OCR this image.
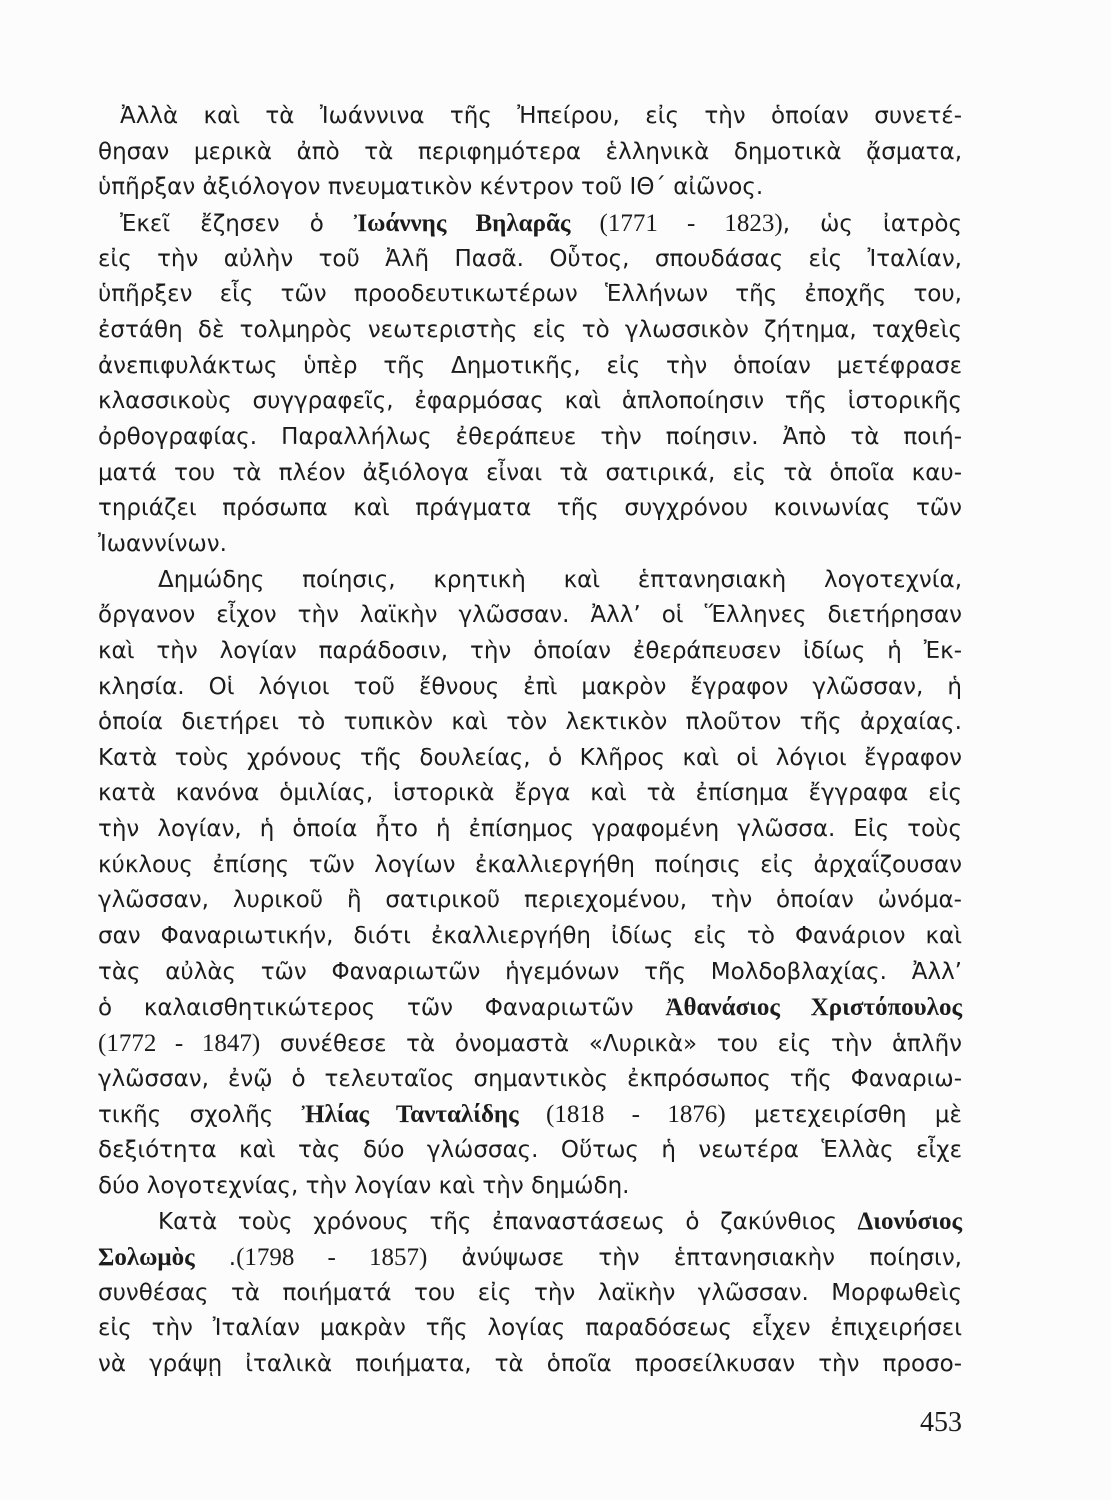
Ἀλλὰ καὶ τὰ Ἰωάννινα τῆς Ἠπείρου, εἰς τὴν ὁποίαν συνετέ-
θησαν μερικὰ ἀπὸ τὰ περιφημότερα ἑλληνικὰ δημοτικὰ ᾄσματα,
ὑπῆρξαν ἀξιόλογον πνευματικὸν κέντρον τοῦ ΙΘ΄ αἰῶνος.
Ἐκεῖ ἔζησεν ὁ Ἰωάννης Βηλαρᾶς (1771 - 1823), ὡς ἰατρὸς
εἰς τὴν αὐλὴν τοῦ Ἀλῆ Πασᾶ. Οὗτος, σπουδάσας εἰς Ἰταλίαν,
ὑπῆρξεν εἷς τῶν προοδευτικωτέρων Ἑλλήνων τῆς ἐποχῆς του,
ἐστάθη δὲ τολμηρὸς νεωτεριστὴς εἰς τὸ γλωσσικὸν ζήτημα, ταχθεὶς
ἀνεπιφυλάκτως ὑπὲρ τῆς Δημοτικῆς, εἰς τὴν ὁποίαν μετέφρασε
κλασσικοὺς συγγραφεῖς, ἐφαρμόσας καὶ ἁπλοποίησιν τῆς ἱστορικῆς
ὀρθογραφίας. Παραλλήλως ἐθεράπευε τὴν ποίησιν. Ἀπὸ τὰ ποιή-
ματά του τὰ πλέον ἀξιόλογα εἶναι τὰ σατιρικά, εἰς τὰ ὁποῖα καυ-
τηριάζει πρόσωπα καὶ πράγματα τῆς συγχρόνου κοινωνίας τῶν
Ἰωαννίνων.
Δημώδης ποίησις, κρητικὴ καὶ ἑπτανησιακὴ λογοτεχνία,
ὄργανον εἶχον τὴν λαϊκὴν γλῶσσαν. Ἀλλ’ οἱ Ἕλληνες διετήρησαν
καὶ τὴν λογίαν παράδοσιν, τὴν ὁποίαν ἐθεράπευσεν ἰδίως ἡ Ἐκ-
κλησία. Οἱ λόγιοι τοῦ ἔθνους ἐπὶ μακρὸν ἔγραφον γλῶσσαν, ἡ
ὁποία διετήρει τὸ τυπικὸν καὶ τὸν λεκτικὸν πλοῦτον τῆς ἀρχαίας.
Κατὰ τοὺς χρόνους τῆς δουλείας, ὁ Κλῆρος καὶ οἱ λόγιοι ἔγραφον
κατὰ κανόνα ὁμιλίας, ἱστορικὰ ἔργα καὶ τὰ ἐπίσημα ἔγγραφα εἰς
τὴν λογίαν, ἡ ὁποία ἦτο ἡ ἐπίσημος γραφομένη γλῶσσα. Εἰς τοὺς
κύκλους ἐπίσης τῶν λογίων ἐκαλλιεργήθη ποίησις εἰς ἀρχαΐζουσαν
γλῶσσαν, λυρικοῦ ἢ σατιρικοῦ περιεχομένου, τὴν ὁποίαν ὠνόμα-
σαν Φαναριωτικήν, διότι ἐκαλλιεργήθη ἰδίως εἰς τὸ Φανάριον καὶ
τὰς αὐλὰς τῶν Φαναριωτῶν ἡγεμόνων τῆς Μολδοβλαχίας. Ἀλλ’
ὁ καλαισθητικώτερος τῶν Φαναριωτῶν Ἀθανάσιος Χριστόπουλος
(1772 - 1847) συνέθεσε τὰ ὀνομαστὰ «Λυρικὰ» του εἰς τὴν ἁπλῆν
γλῶσσαν, ἐνῷ ὁ τελευταῖος σημαντικὸς ἐκπρόσωπος τῆς Φαναριω-
τικῆς σχολῆς Ἠλίας Τανταλίδης (1818 - 1876) μετεχειρίσθη μὲ
δεξιότητα καὶ τὰς δύο γλώσσας. Οὕτως ἡ νεωτέρα Ἑλλὰς εἶχε
δύο λογοτεχνίας, τὴν λογίαν καὶ τὴν δημώδη.
Κατὰ τοὺς χρόνους τῆς ἐπαναστάσεως ὁ ζακύνθιος Διονύσιος
Σολωμὸς .(1798 - 1857) ἀνύψωσε τὴν ἑπτανησιακὴν ποίησιν,
συνθέσας τὰ ποιήματά του εἰς τὴν λαϊκὴν γλῶσσαν. Μορφωθεὶς
εἰς τὴν Ἰταλίαν μακρὰν τῆς λογίας παραδόσεως εἶχεν ἐπιχειρήσει
νὰ γράψῃ ἰταλικὰ ποιήματα, τὰ ὁποῖα προσείλκυσαν τὴν προσο-
453
